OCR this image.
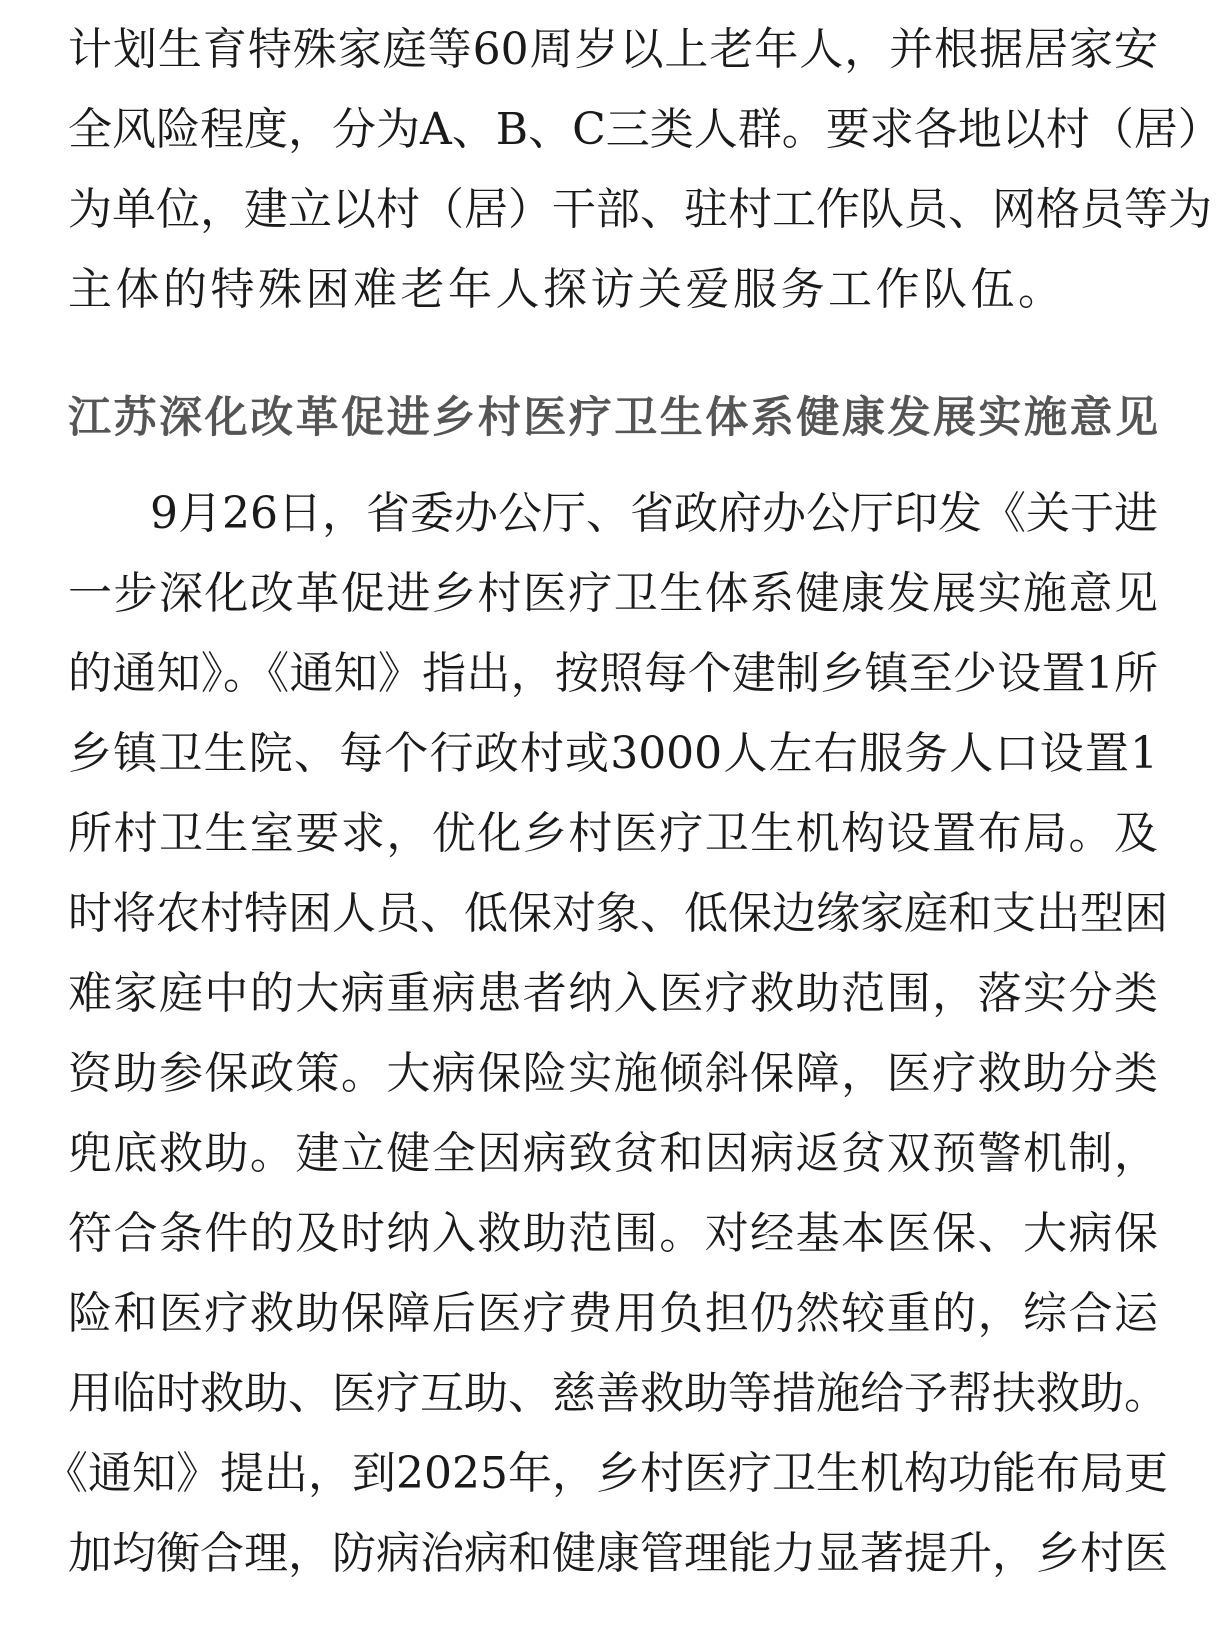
计划生育特殊家庭等60周岁以上老年人，并根据居家安
全风险程度，分为A、B、C三类人群。要求各地以村（居）
为单位，建立以村（居）干部、驻村工作队员、网格员等为
主体的特殊困难老年人探访关爱服务工作队伍。
江苏深化改革促进乡村医疗卫生体系健康发展实施意见
9月26日，省委办公厅、省政府办公厅印发《关于进
一步深化改革促进乡村医疗卫生体系健康发展实施意见
的通知》。《通知》指出，按照每个建制乡镇至少设置1所
乡镇卫生院、每个行政村或3000人左右服务人口设置1
所村卫生室要求，优化乡村医疗卫生机构设置布局。及
时将农村特困人员、低保对象、低保边缘家庭和支出型困
难家庭中的大病重病患者纳入医疗救助范围，落实分类
资助参保政策。大病保险实施倾斜保障，医疗救助分类
兜底救助。建立健全因病致贫和因病返贫双预警机制，
符合条件的及时纳入救助范围。对经基本医保、大病保
险和医疗救助保障后医疗费用负担仍然较重的，综合运
用临时救助、医疗互助、慈善救助等措施给予帮扶救助。
《通知》提出，到2025年，乡村医疗卫生机构功能布局更
加均衡合理，防病治病和健康管理能力显著提升，乡村医
